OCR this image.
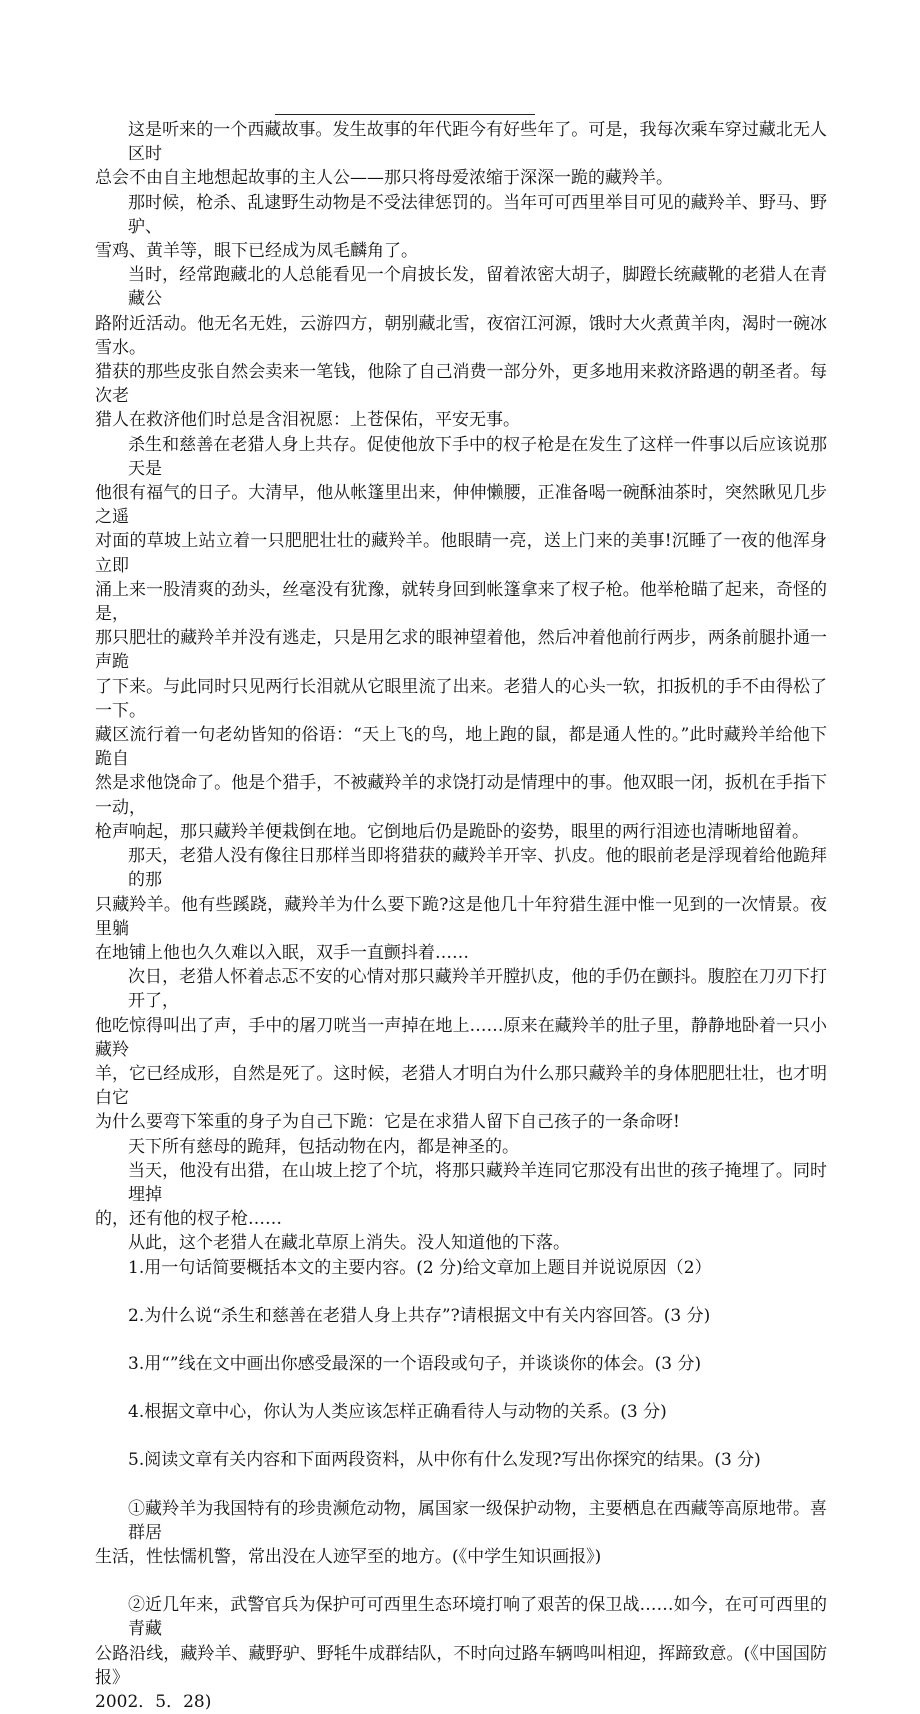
这是听来的一个西藏故事。发生故事的年代距今有好些年了。可是，我每次乘车穿过藏北无人区时
总会不由自主地想起故事的主人公——那只将母爱浓缩于深深一跪的藏羚羊。
那时候，枪杀、乱逮野生动物是不受法律惩罚的。当年可可西里举目可见的藏羚羊、野马、野驴、
雪鸡、黄羊等，眼下已经成为凤毛麟角了。
当时，经常跑藏北的人总能看见一个肩披长发，留着浓密大胡子，脚蹬长统藏靴的老猎人在青藏公
路附近活动。他无名无姓，云游四方，朝别藏北雪，夜宿江河源，饿时大火煮黄羊肉，渴时一碗冰雪水。
猎获的那些皮张自然会卖来一笔钱，他除了自己消费一部分外，更多地用来救济路遇的朝圣者。每次老
猎人在救济他们时总是含泪祝愿：上苍保佑，平安无事。
杀生和慈善在老猎人身上共存。促使他放下手中的杈子枪是在发生了这样一件事以后应该说那天是
他很有福气的日子。大清早，他从帐篷里出来，伸伸懒腰，正准备喝一碗酥油茶时，突然瞅见几步之遥
对面的草坡上站立着一只肥肥壮壮的藏羚羊。他眼睛一亮，送上门来的美事!沉睡了一夜的他浑身立即
涌上来一股清爽的劲头，丝毫没有犹豫，就转身回到帐篷拿来了杈子枪。他举枪瞄了起来，奇怪的是，
那只肥壮的藏羚羊并没有逃走，只是用乞求的眼神望着他，然后冲着他前行两步，两条前腿扑通一声跪
了下来。与此同时只见两行长泪就从它眼里流了出来。老猎人的心头一软，扣扳机的手不由得松了一下。
藏区流行着一句老幼皆知的俗语：“天上飞的鸟，地上跑的鼠，都是通人性的。”此时藏羚羊给他下跪自
然是求他饶命了。他是个猎手，不被藏羚羊的求饶打动是情理中的事。他双眼一闭，扳机在手指下一动，
枪声响起，那只藏羚羊便栽倒在地。它倒地后仍是跪卧的姿势，眼里的两行泪迹也清晰地留着。
那天，老猎人没有像往日那样当即将猎获的藏羚羊开宰、扒皮。他的眼前老是浮现着给他跪拜的那
只藏羚羊。他有些蹊跷，藏羚羊为什么要下跪?这是他几十年狩猎生涯中惟一见到的一次情景。夜里躺
在地铺上他也久久难以入眠，双手一直颤抖着……
次日，老猎人怀着忐忑不安的心情对那只藏羚羊开膛扒皮，他的手仍在颤抖。腹腔在刀刃下打开了，
他吃惊得叫出了声，手中的屠刀咣当一声掉在地上……原来在藏羚羊的肚子里，静静地卧着一只小藏羚
羊，它已经成形，自然是死了。这时候，老猎人才明白为什么那只藏羚羊的身体肥肥壮壮，也才明白它
为什么要弯下笨重的身子为自己下跪：它是在求猎人留下自己孩子的一条命呀!
天下所有慈母的跪拜，包括动物在内，都是神圣的。
当天，他没有出猎，在山坡上挖了个坑，将那只藏羚羊连同它那没有出世的孩子掩埋了。同时埋掉
的，还有他的杈子枪……
从此，这个老猎人在藏北草原上消失。没人知道他的下落。
1.用一句话简要概括本文的主要内容。(2 分)给文章加上题目并说说原因（2）
2.为什么说“杀生和慈善在老猎人身上共存”?请根据文中有关内容回答。(3 分)
3.用“”线在文中画出你感受最深的一个语段或句子，并谈谈你的体会。(3 分)
4.根据文章中心，你认为人类应该怎样正确看待人与动物的关系。(3 分)
5.阅读文章有关内容和下面两段资料，从中你有什么发现?写出你探究的结果。(3 分)
①藏羚羊为我国特有的珍贵濒危动物，属国家一级保护动物，主要栖息在西藏等高原地带。喜群居
生活，性怯懦机警，常出没在人迹罕至的地方。(《中学生知识画报》)
②近几年来，武警官兵为保护可可西里生态环境打响了艰苦的保卫战……如今，在可可西里的青藏
公路沿线，藏羚羊、藏野驴、野牦牛成群结队，不时向过路车辆鸣叫相迎，挥蹄致意。(《中国国防报》
2002．5．28)
